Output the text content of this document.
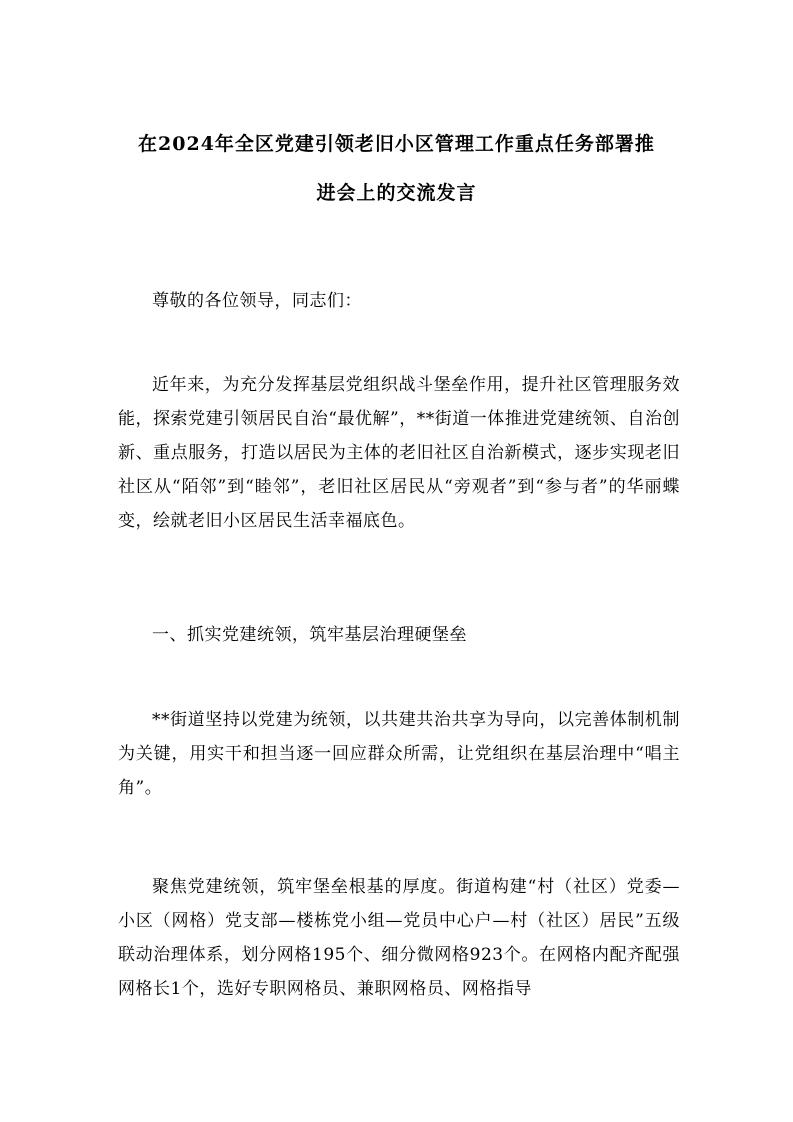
在2024年全区党建引领老旧小区管理工作重点任务部署推
进会上的交流发言

尊敬的各位领导，同志们：

近年来，为充分发挥基层党组织战斗堡垒作用，提升社区管理服务效能，探索党建引领居民自治“最优解”，**街道一体推进党建统领、自治创新、重点服务，打造以居民为主体的老旧社区自治新模式，逐步实现老旧社区从“陌邻”到“睦邻”，老旧社区居民从“旁观者”到“参与者”的华丽蝶变，绘就老旧小区居民生活幸福底色。

一、抓实党建统领，筑牢基层治理硬堡垒

**街道坚持以党建为统领，以共建共治共享为导向，以完善体制机制为关键，用实干和担当逐一回应群众所需，让党组织在基层治理中“唱主角”。

聚焦党建统领，筑牢堡垒根基的厚度。街道构建“村（社区）党委—小区（网格）党支部—楼栋党小组—党员中心户—村（社区）居民”五级联动治理体系，划分网格195个、细分微网格923个。在网格内配齐配强网格长1个，选好专职网格员、兼职网格员、网格指导
